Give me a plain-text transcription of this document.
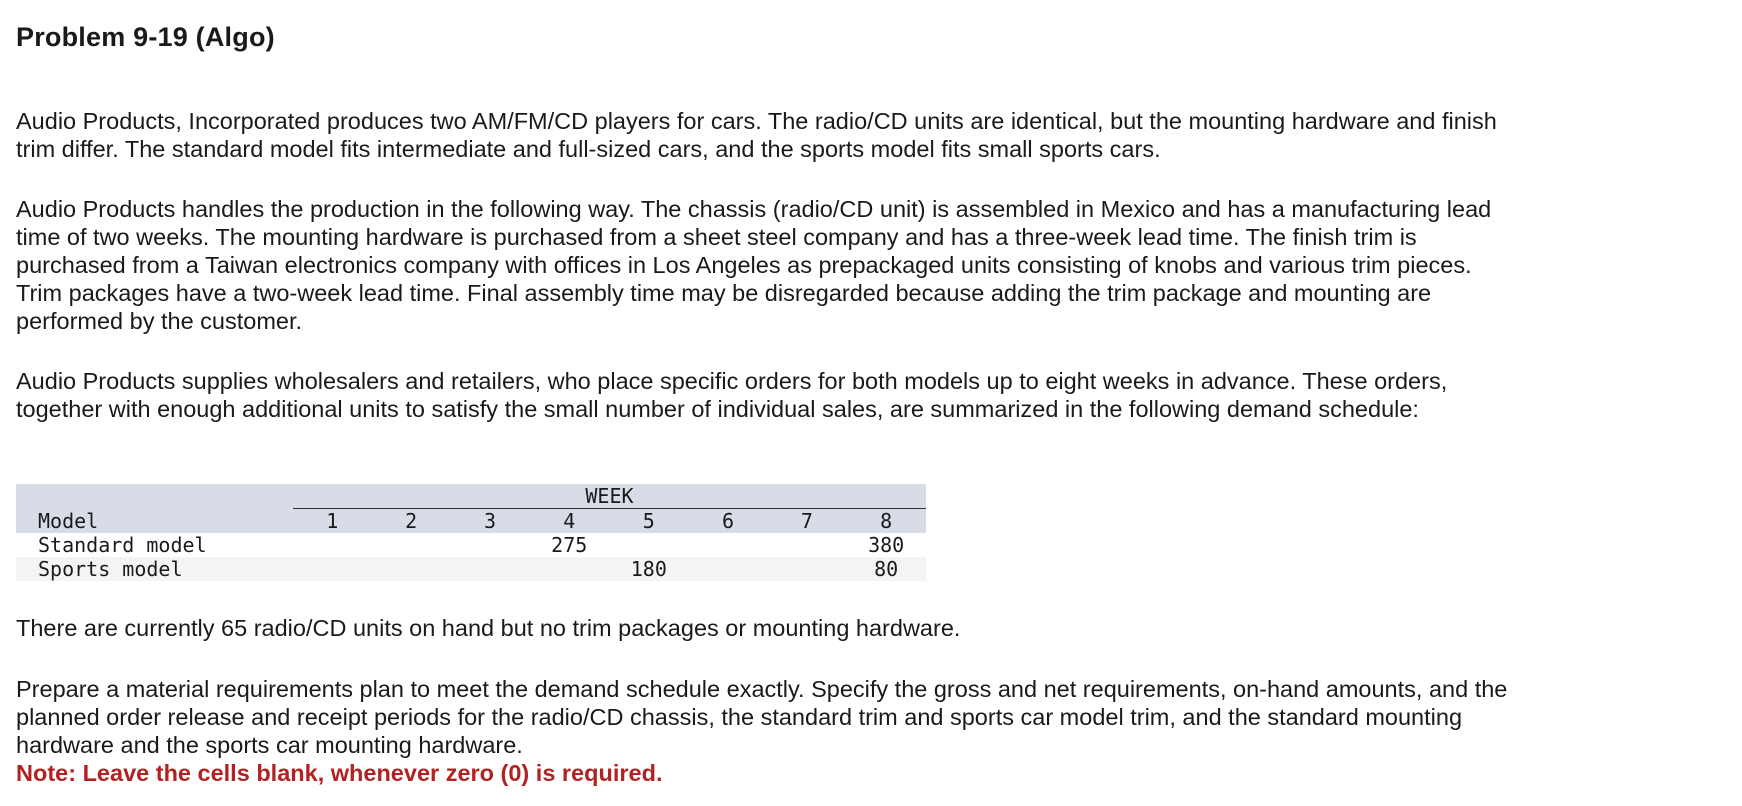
Problem 9-19 (Algo)

Audio Products, Incorporated produces two AM/FM/CD players for cars. The radio/CD units are identical, but the mounting hardware and finish trim differ. The standard model fits intermediate and full-sized cars, and the sports model fits small sports cars.

Audio Products handles the production in the following way. The chassis (radio/CD unit) is assembled in Mexico and has a manufacturing lead time of two weeks. The mounting hardware is purchased from a sheet steel company and has a three-week lead time. The finish trim is purchased from a Taiwan electronics company with offices in Los Angeles as prepackaged units consisting of knobs and various trim pieces. Trim packages have a two-week lead time. Final assembly time may be disregarded because adding the trim package and mounting are performed by the customer.

Audio Products supplies wholesalers and retailers, who place specific orders for both models up to eight weeks in advance. These orders, together with enough additional units to satisfy the small number of individual sales, are summarized in the following demand schedule:

	WEEK							
Model	1	2	3	4	5	6	7	8
Standard model				275				380
Sports model					180			80

There are currently 65 radio/CD units on hand but no trim packages or mounting hardware.

Prepare a material requirements plan to meet the demand schedule exactly. Specify the gross and net requirements, on-hand amounts, and the planned order release and receipt periods for the radio/CD chassis, the standard trim and sports car model trim, and the standard mounting hardware and the sports car mounting hardware.

Note: Leave the cells blank, whenever zero (0) is required.
